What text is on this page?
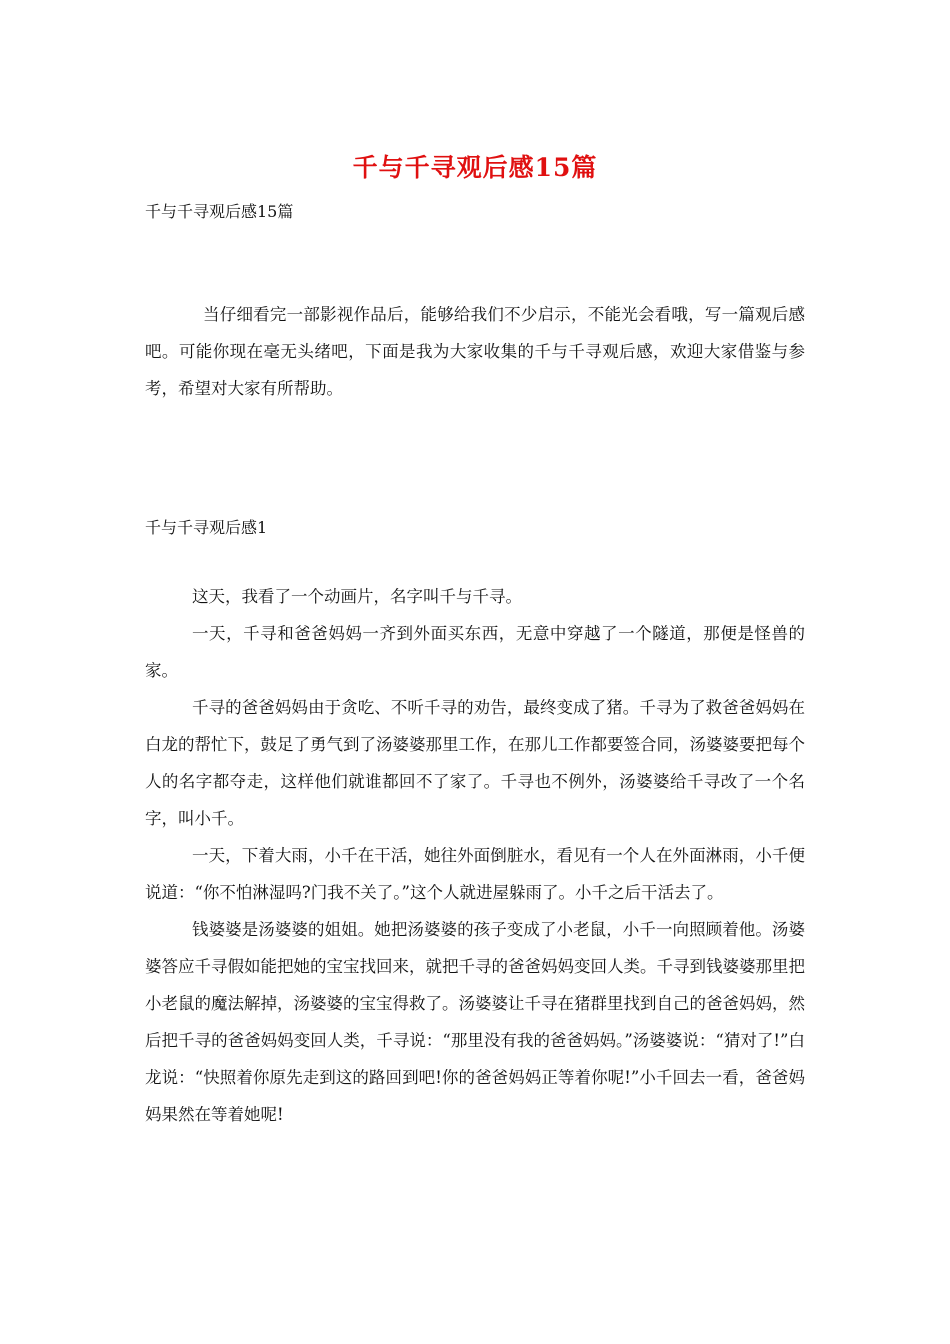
千与千寻观后感15篇
千与千寻观后感15篇

当仔细看完一部影视作品后，能够给我们不少启示，不能光会看哦，写一篇观后感吧。可能你现在毫无头绪吧，下面是我为大家收集的千与千寻观后感，欢迎大家借鉴与参考，希望对大家有所帮助。

千与千寻观后感1

这天，我看了一个动画片，名字叫千与千寻。

一天，千寻和爸爸妈妈一齐到外面买东西，无意中穿越了一个隧道，那便是怪兽的家。

千寻的爸爸妈妈由于贪吃、不听千寻的劝告，最终变成了猪。千寻为了救爸爸妈妈在白龙的帮忙下，鼓足了勇气到了汤婆婆那里工作，在那儿工作都要签合同，汤婆婆要把每个人的名字都夺走，这样他们就谁都回不了家了。千寻也不例外，汤婆婆给千寻改了一个名字，叫小千。

一天，下着大雨，小千在干活，她往外面倒脏水，看见有一个人在外面淋雨，小千便说道：“你不怕淋湿吗?门我不关了。”这个人就进屋躲雨了。小千之后干活去了。

钱婆婆是汤婆婆的姐姐。她把汤婆婆的孩子变成了小老鼠，小千一向照顾着他。汤婆婆答应千寻假如能把她的宝宝找回来，就把千寻的爸爸妈妈变回人类。千寻到钱婆婆那里把小老鼠的魔法解掉，汤婆婆的宝宝得救了。汤婆婆让千寻在猪群里找到自己的爸爸妈妈，然后把千寻的爸爸妈妈变回人类，千寻说：“那里没有我的爸爸妈妈。”汤婆婆说：“猜对了!”白龙说：“快照着你原先走到这的路回到吧!你的爸爸妈妈正等着你呢!”小千回去一看，爸爸妈妈果然在等着她呢!
